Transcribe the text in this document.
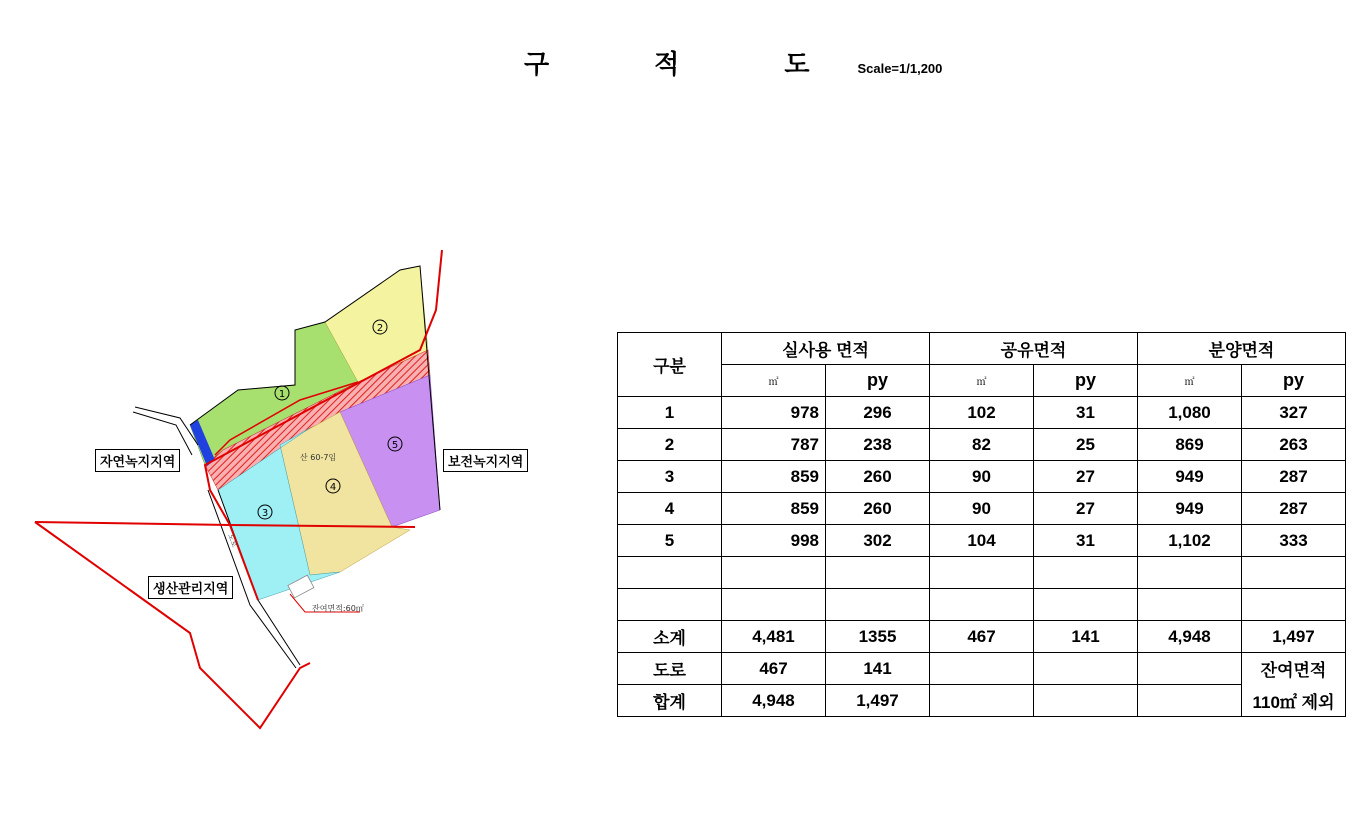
구 적 도Scale=1/1,200
1
2
3
4
5
산 60-7임
도로
잔여면적:60㎡
자연녹지지역	보전녹지지역
생산관리지역
구분	실사용 면적		공유면적		분양면적	
	㎡	py	㎡	py	㎡	py
1	978	296	102	31	1,080	327
2	787	238	82	25	869	263
3	859	260	90	27	949	287
4	859	260	90	27	949	287
5	998	302	104	31	1,102	333

소계	4,481	1355	467	141	4,948	1,497
도로	467	141				잔여면적
합계	4,948	1,497				110㎡ 제외
